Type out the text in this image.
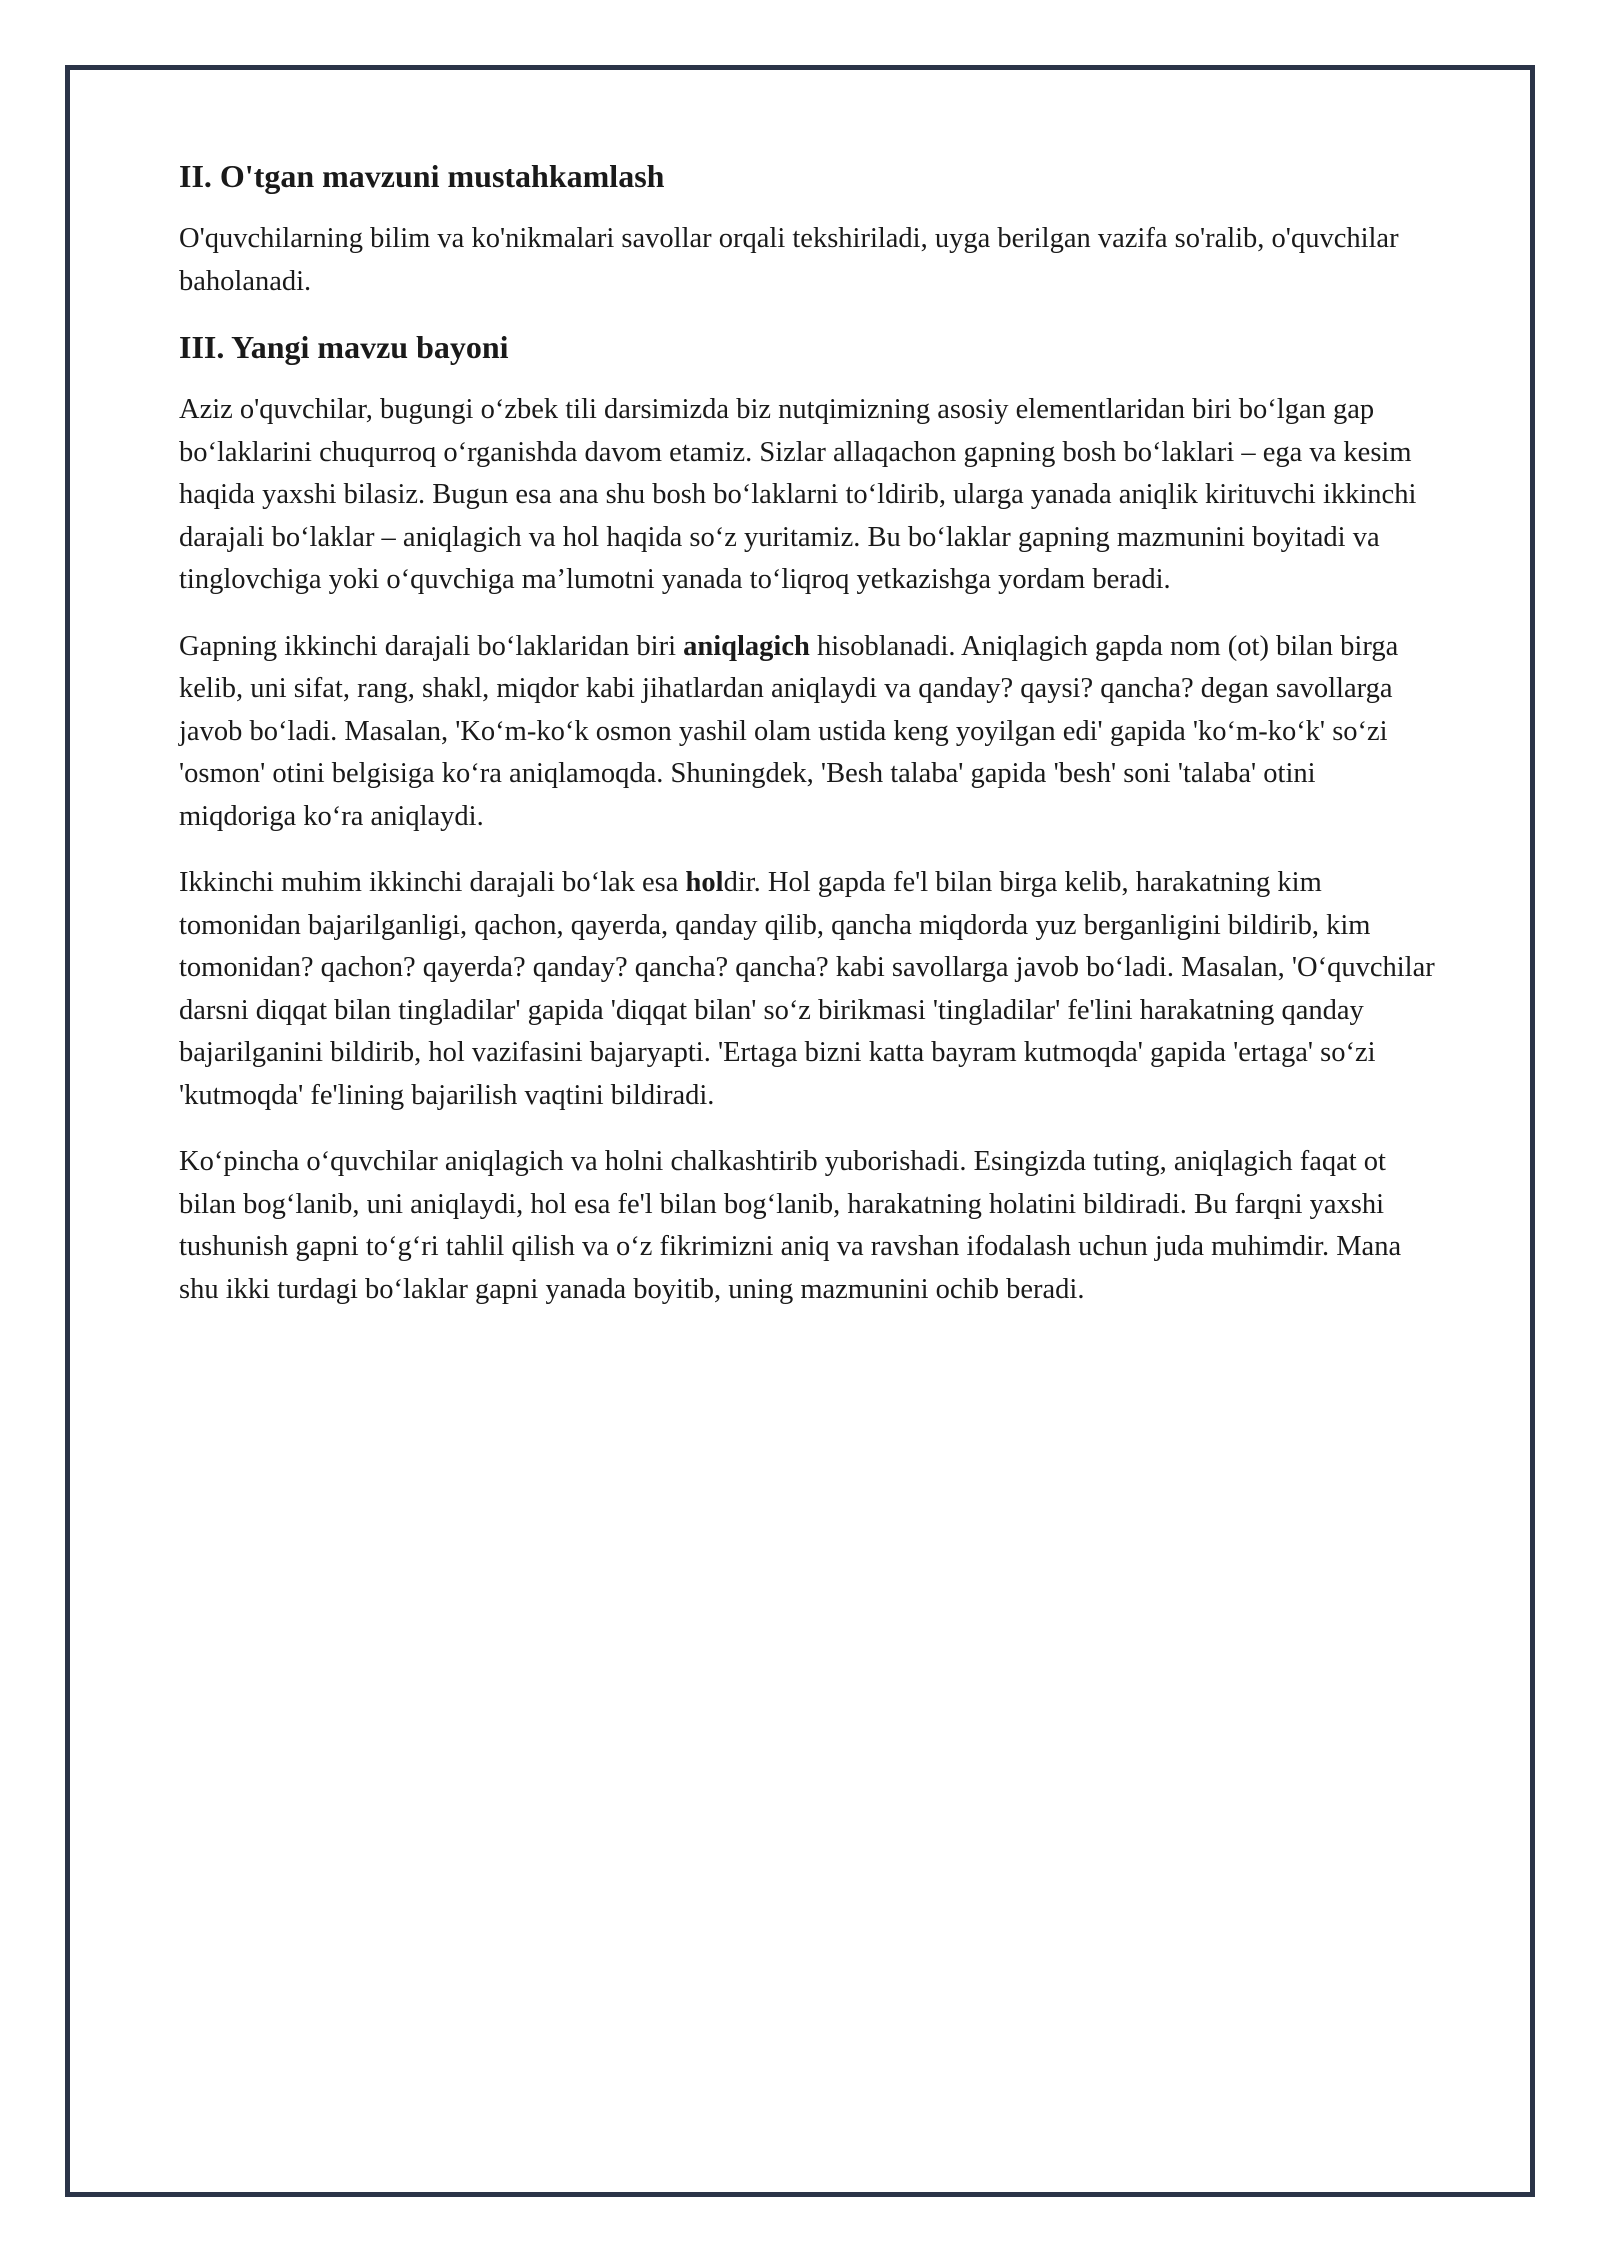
II. O'tgan mavzuni mustahkamlash

O'quvchilarning bilim va ko'nikmalari savollar orqali tekshiriladi, uyga berilgan vazifa so'ralib, o'quvchilar baholanadi.

III. Yangi mavzu bayoni

Aziz o'quvchilar, bugungi o‘zbek tili darsimizda biz nutqimizning asosiy elementlaridan biri bo‘lgan gap bo‘laklarini chuqurroq o‘rganishda davom etamiz. Sizlar allaqachon gapning bosh bo‘laklari – ega va kesim haqida yaxshi bilasiz. Bugun esa ana shu bosh bo‘laklarni to‘ldirib, ularga yanada aniqlik kirituvchi ikkinchi darajali bo‘laklar – aniqlagich va hol haqida so‘z yuritamiz. Bu bo‘laklar gapning mazmunini boyitadi va tinglovchiga yoki o‘quvchiga ma’lumotni yanada to‘liqroq yetkazishga yordam beradi.

Gapning ikkinchi darajali bo‘laklaridan biri aniqlagich hisoblanadi. Aniqlagich gapda nom (ot) bilan birga kelib, uni sifat, rang, shakl, miqdor kabi jihatlardan aniqlaydi va qanday? qaysi? qancha? degan savollarga javob bo‘ladi. Masalan, 'Ko‘m-ko‘k osmon yashil olam ustida keng yoyilgan edi' gapida 'ko‘m-ko‘k' so‘zi 'osmon' otini belgisiga ko‘ra aniqlamoqda. Shuningdek, 'Besh talaba' gapida 'besh' soni 'talaba' otini miqdoriga ko‘ra aniqlaydi.

Ikkinchi muhim ikkinchi darajali bo‘lak esa holdir. Hol gapda fe'l bilan birga kelib, harakatning kim tomonidan bajarilganligi, qachon, qayerda, qanday qilib, qancha miqdorda yuz berganligini bildirib, kim tomonidan? qachon? qayerda? qanday? qancha? qancha? kabi savollarga javob bo‘ladi. Masalan, 'O‘quvchilar darsni diqqat bilan tingladilar' gapida 'diqqat bilan' so‘z birikmasi 'tingladilar' fe'lini harakatning qanday bajarilganini bildirib, hol vazifasini bajaryapti. 'Ertaga bizni katta bayram kutmoqda' gapida 'ertaga' so‘zi 'kutmoqda' fe'lining bajarilish vaqtini bildiradi.

Ko‘pincha o‘quvchilar aniqlagich va holni chalkashtirib yuborishadi. Esingizda tuting, aniqlagich faqat ot bilan bog‘lanib, uni aniqlaydi, hol esa fe'l bilan bog‘lanib, harakatning holatini bildiradi. Bu farqni yaxshi tushunish gapni to‘g‘ri tahlil qilish va o‘z fikrimizni aniq va ravshan ifodalash uchun juda muhimdir. Mana shu ikki turdagi bo‘laklar gapni yanada boyitib, uning mazmunini ochib beradi.
